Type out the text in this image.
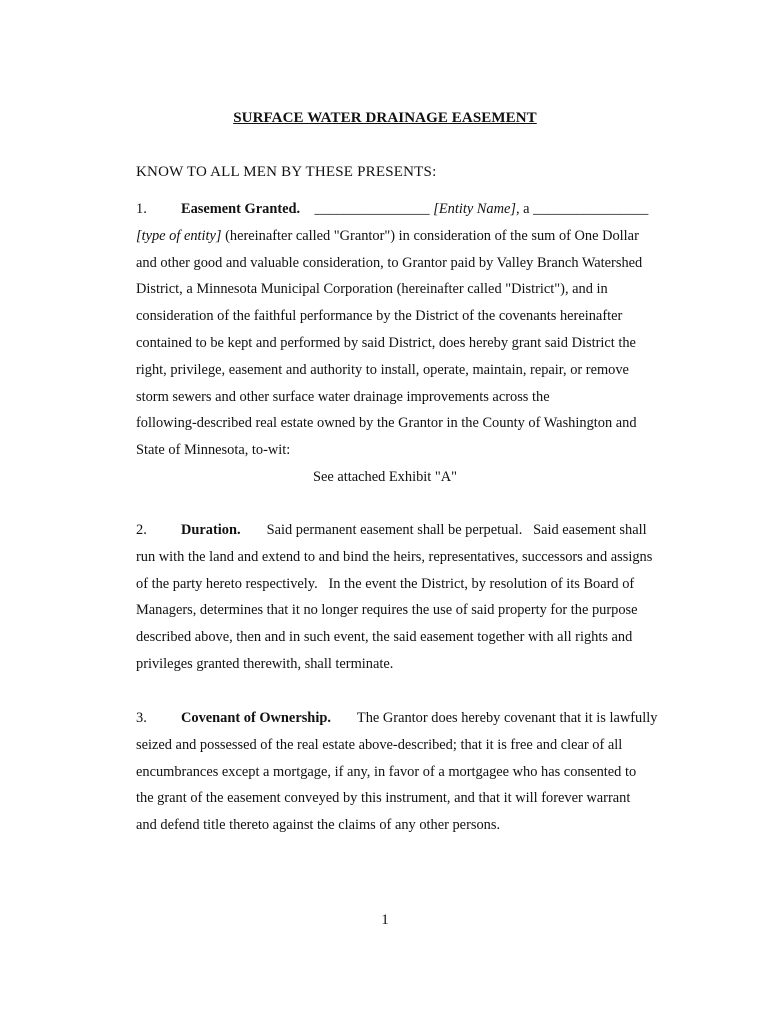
SURFACE WATER DRAINAGE EASEMENT
KNOW TO ALL MEN BY THESE PRESENTS:
1. Easement Granted. ________________ [Entity Name], a ________________
[type of entity] (hereinafter called "Grantor") in consideration of the sum of One Dollar
and other good and valuable consideration, to Grantor paid by Valley Branch Watershed
District, a Minnesota Municipal Corporation (hereinafter called "District"), and in
consideration of the faithful performance by the District of the covenants hereinafter
contained to be kept and performed by said District, does hereby grant said District the
right, privilege, easement and authority to install, operate, maintain, repair, or remove
storm sewers and other surface water drainage improvements across the
following-described real estate owned by the Grantor in the County of Washington and
State of Minnesota, to-wit:
See attached Exhibit "A"
2. Duration. Said permanent easement shall be perpetual.   Said easement shall
run with the land and extend to and bind the heirs, representatives, successors and assigns
of the party hereto respectively.   In the event the District, by resolution of its Board of
Managers, determines that it no longer requires the use of said property for the purpose
described above, then and in such event, the said easement together with all rights and
privileges granted therewith, shall terminate.
3. Covenant of Ownership. The Grantor does hereby covenant that it is lawfully
seized and possessed of the real estate above-described; that it is free and clear of all
encumbrances except a mortgage, if any, in favor of a mortgagee who has consented to
the grant of the easement conveyed by this instrument, and that it will forever warrant
and defend title thereto against the claims of any other persons.
1
